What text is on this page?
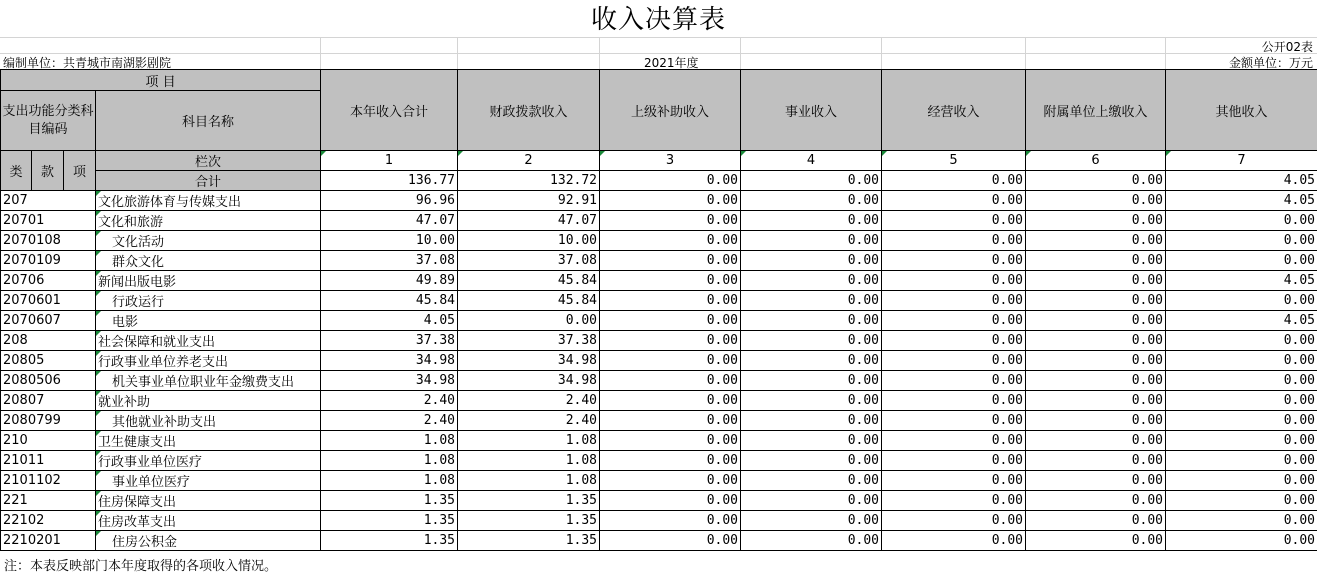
收入决算表
公开02表
编制单位：共青城市南湖影剧院	2021年度	金额单位：万元
项 目				本年收入合计	财政拨款收入	上级补助收入	事业收入	经营收入	附属单位上缴收入	其他收入
支出功能分类科目编码			科目名称							

类	款	项	栏次	1	2	3	4	5	6	7
			合计	136.77	132.72	0.00	0.00	0.00	0.00	4.05
207			文化旅游体育与传媒支出	96.96	92.91	0.00	0.00	0.00	0.00	4.05
20701			文化和旅游	47.07	47.07	0.00	0.00	0.00	0.00	0.00
2070108			文化活动	10.00	10.00	0.00	0.00	0.00	0.00	0.00
2070109			群众文化	37.08	37.08	0.00	0.00	0.00	0.00	0.00
20706			新闻出版电影	49.89	45.84	0.00	0.00	0.00	0.00	4.05
2070601			行政运行	45.84	45.84	0.00	0.00	0.00	0.00	0.00
2070607			电影	4.05	0.00	0.00	0.00	0.00	0.00	4.05
208			社会保障和就业支出	37.38	37.38	0.00	0.00	0.00	0.00	0.00
20805			行政事业单位养老支出	34.98	34.98	0.00	0.00	0.00	0.00	0.00
2080506			机关事业单位职业年金缴费支出	34.98	34.98	0.00	0.00	0.00	0.00	0.00
20807			就业补助	2.40	2.40	0.00	0.00	0.00	0.00	0.00
2080799			其他就业补助支出	2.40	2.40	0.00	0.00	0.00	0.00	0.00
210			卫生健康支出	1.08	1.08	0.00	0.00	0.00	0.00	0.00
21011			行政事业单位医疗	1.08	1.08	0.00	0.00	0.00	0.00	0.00
2101102			事业单位医疗	1.08	1.08	0.00	0.00	0.00	0.00	0.00
221			住房保障支出	1.35	1.35	0.00	0.00	0.00	0.00	0.00
22102			住房改革支出	1.35	1.35	0.00	0.00	0.00	0.00	0.00
2210201			住房公积金	1.35	1.35	0.00	0.00	0.00	0.00	0.00
注：本表反映部门本年度取得的各项收入情况。
